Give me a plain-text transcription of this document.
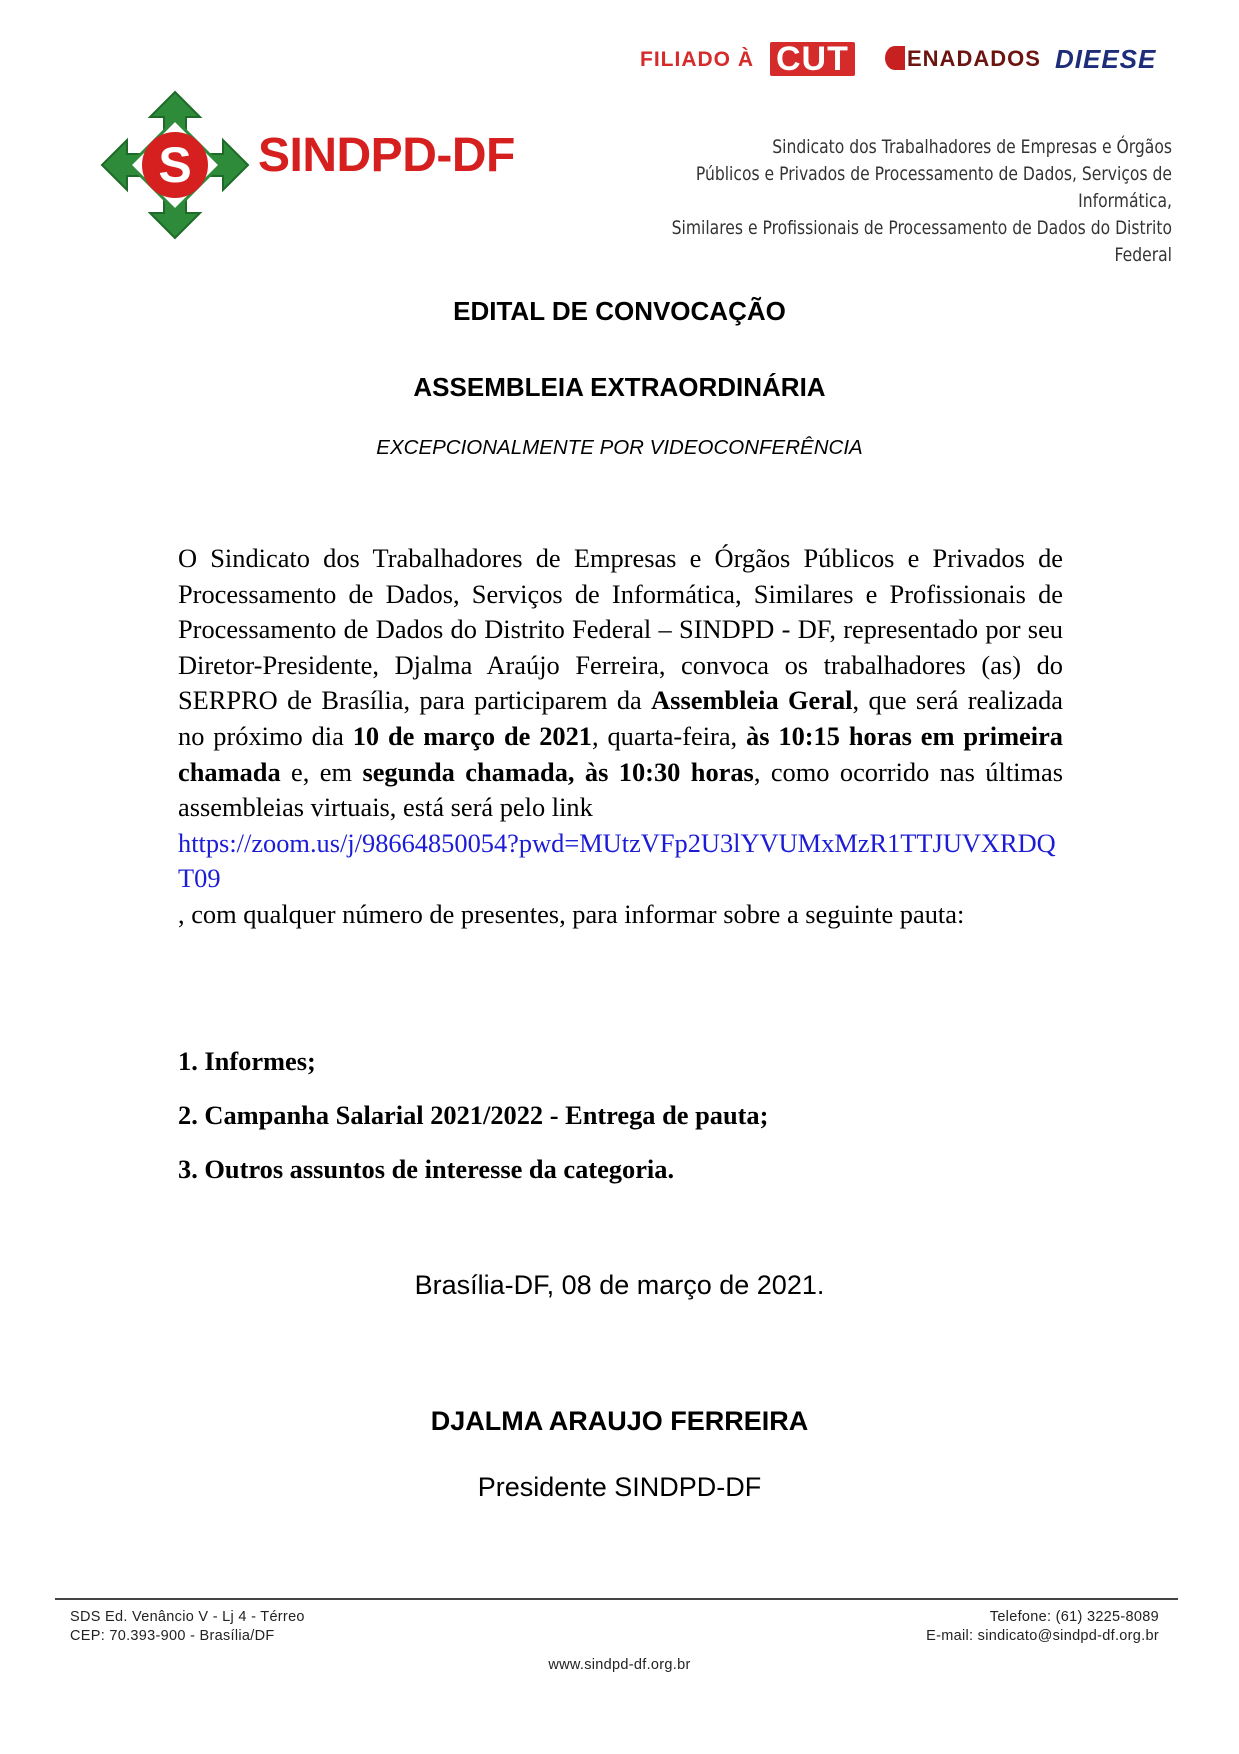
FILIADO À CUT	ENADADOS DIEESE
S SINDPD-DF	Sindicato dos Trabalhadores de Empresas e Órgãos
Públicos e Privados de Processamento de Dados, Serviços de Informática,
Similares e Profissionais de Processamento de Dados do Distrito Federal
EDITAL DE CONVOCAÇÃO
ASSEMBLEIA EXTRAORDINÁRIA
EXCEPCIONALMENTE POR VIDEOCONFERÊNCIA
O Sindicato dos Trabalhadores de Empresas e Órgãos Públicos e Privados de Processamento de Dados, Serviços de Informática, Similares e Profissionais de Processamento de Dados do Distrito Federal – SINDPD - DF, representado por seu Diretor-Presidente, Djalma Araújo Ferreira, convoca os trabalhadores (as) do SERPRO de Brasília, para participarem da Assembleia Geral, que será realizada no próximo dia 10 de março de 2021, quarta-feira, às 10:15 horas em primeira chamada e, em segunda chamada, às 10:30 horas, como ocorrido nas últimas assembleias virtuais, está será pelo link
https://zoom.us/j/98664850054?pwd=MUtzVFp2U3lYVUMxMzR1TTJUVXRDQT09
, com qualquer número de presentes, para informar sobre a seguinte pauta:
1. Informes;
2. Campanha Salarial 2021/2022 - Entrega de pauta;
3. Outros assuntos de interesse da categoria.
Brasília-DF, 08 de março de 2021.
DJALMA ARAUJO FERREIRA
Presidente SINDPD-DF
SDS Ed. Venâncio V - Lj 4 - Térreo
CEP: 70.393-900 - Brasília/DF
Telefone: (61) 3225-8089
E-mail: sindicato@sindpd-df.org.br
www.sindpd-df.org.br
